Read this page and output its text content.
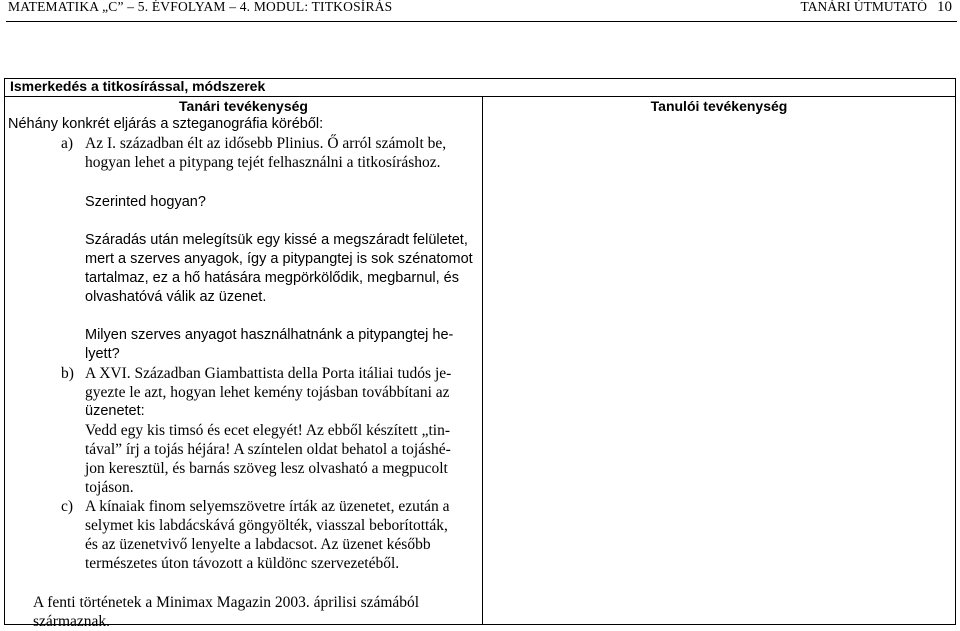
MATEMATIKA „C” – 5. ÉVFOLYAM – 4. MODUL: TITKOSÍRÁS	TANÁRI ÚTMUTATÓ 10
Ismerkedés a titkosírással, módszerek
Tanári tevékenység
Néhány konkrét eljárás a szteganográfia köréből:
a) Az I. században élt az idősebb Plinius. Ő arról számolt be,
hogyan lehet a pitypang tejét felhasználni a titkosíráshoz.
Szerinted hogyan?
Száradás után melegítsük egy kissé a megszáradt felületet,
mert a szerves anyagok, így a pitypangtej is sok szénatomot
tartalmaz, ez a hő hatására megpörkölődik, megbarnul, és
olvashatóvá válik az üzenet.
Milyen szerves anyagot használhatnánk a pitypangtej he-
lyett?
b) A XVI. Században Giambattista della Porta itáliai tudós je-
gyezte le azt, hogyan lehet kemény tojásban továbbítani az
üzenetet:
Vedd egy kis timsó és ecet elegyét! Az ebből készített „tin-
tával” írj a tojás héjára! A színtelen oldat behatol a tojáshé-
jon keresztül, és barnás szöveg lesz olvasható a megpucolt
tojáson.
c) A kínaiak finom selyemszövetre írták az üzenetet, ezután a
selymet kis labdácskává göngyölték, viasszal beborították,
és az üzenetvivő lenyelte a labdacsot. Az üzenet később
természetes úton távozott a küldönc szervezetéből.
A fenti történetek a Minimax Magazin 2003. áprilisi számából
származnak.
Tanulói tevékenység
